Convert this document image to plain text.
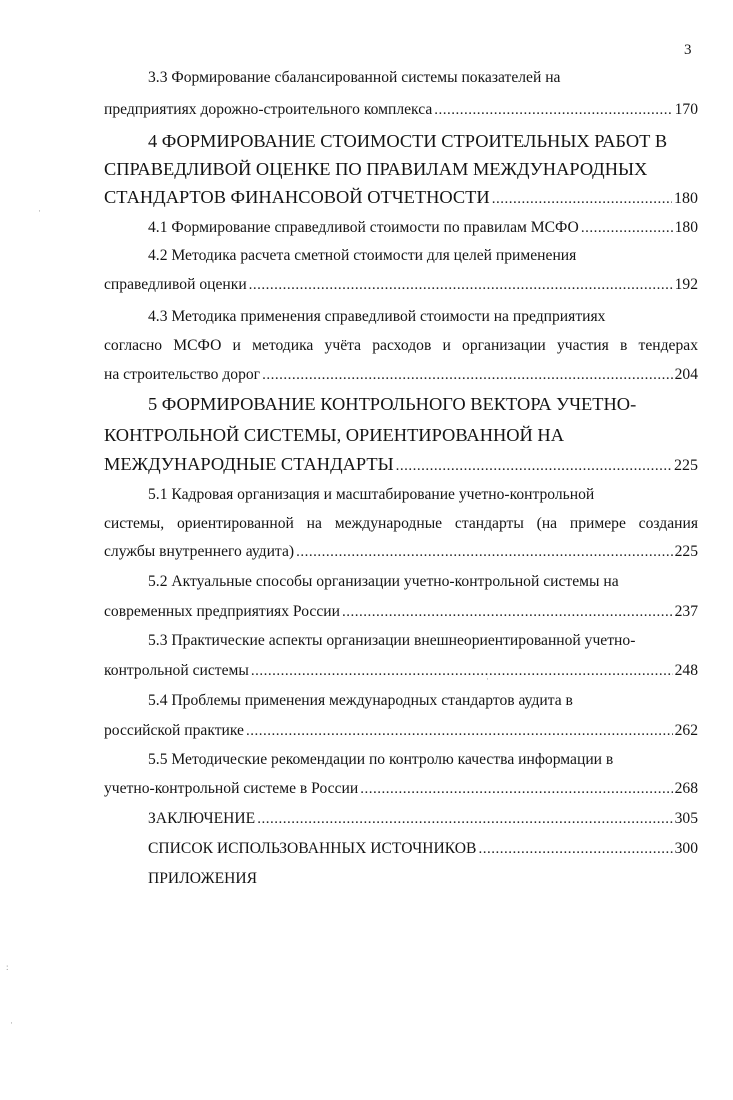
3
3.3 Формирование сбалансированной системы показателей на
предприятиях дорожно-строительного комплекса .....	170
4 ФОРМИРОВАНИЕ СТОИМОСТИ СТРОИТЕЛЬНЫХ РАБОТ В
СПРАВЕДЛИВОЙ ОЦЕНКЕ ПО ПРАВИЛАМ МЕЖДУНАРОДНЫХ
СТАНДАРТОВ ФИНАНСОВОЙ ОТЧЕТНОСТИ .....	180
4.1 Формирование справедливой стоимости по правилам МСФО .....	180
4.2 Методика расчета сметной стоимости для целей применения
справедливой оценки .....	192
4.3 Методика применения справедливой стоимости на предприятиях
согласно МСФО и методика учёта расходов и организации участия в тендерах
на строительство дорог .....	204
5 ФОРМИРОВАНИЕ КОНТРОЛЬНОГО ВЕКТОРА УЧЕТНО-
КОНТРОЛЬНОЙ СИСТЕМЫ, ОРИЕНТИРОВАННОЙ НА
МЕЖДУНАРОДНЫЕ СТАНДАРТЫ .....	225
5.1 Кадровая организация и масштабирование учетно-контрольной
системы, ориентированной на международные стандарты (на примере создания
службы внутреннего аудита) .....	225
5.2 Актуальные способы организации учетно-контрольной системы на
современных предприятиях России .....	237
5.3 Практические аспекты организации внешнеориентированной учетно-
контрольной системы .....	248
5.4 Проблемы применения международных стандартов аудита в
российской практике .....	262
5.5 Методические рекомендации по контролю качества информации в
учетно-контрольной системе в России .....	268
ЗАКЛЮЧЕНИЕ .....	305
СПИСОК ИСПОЛЬЗОВАННЫХ ИСТОЧНИКОВ .....	300
ПРИЛОЖЕНИЯ
·
·
:
·
